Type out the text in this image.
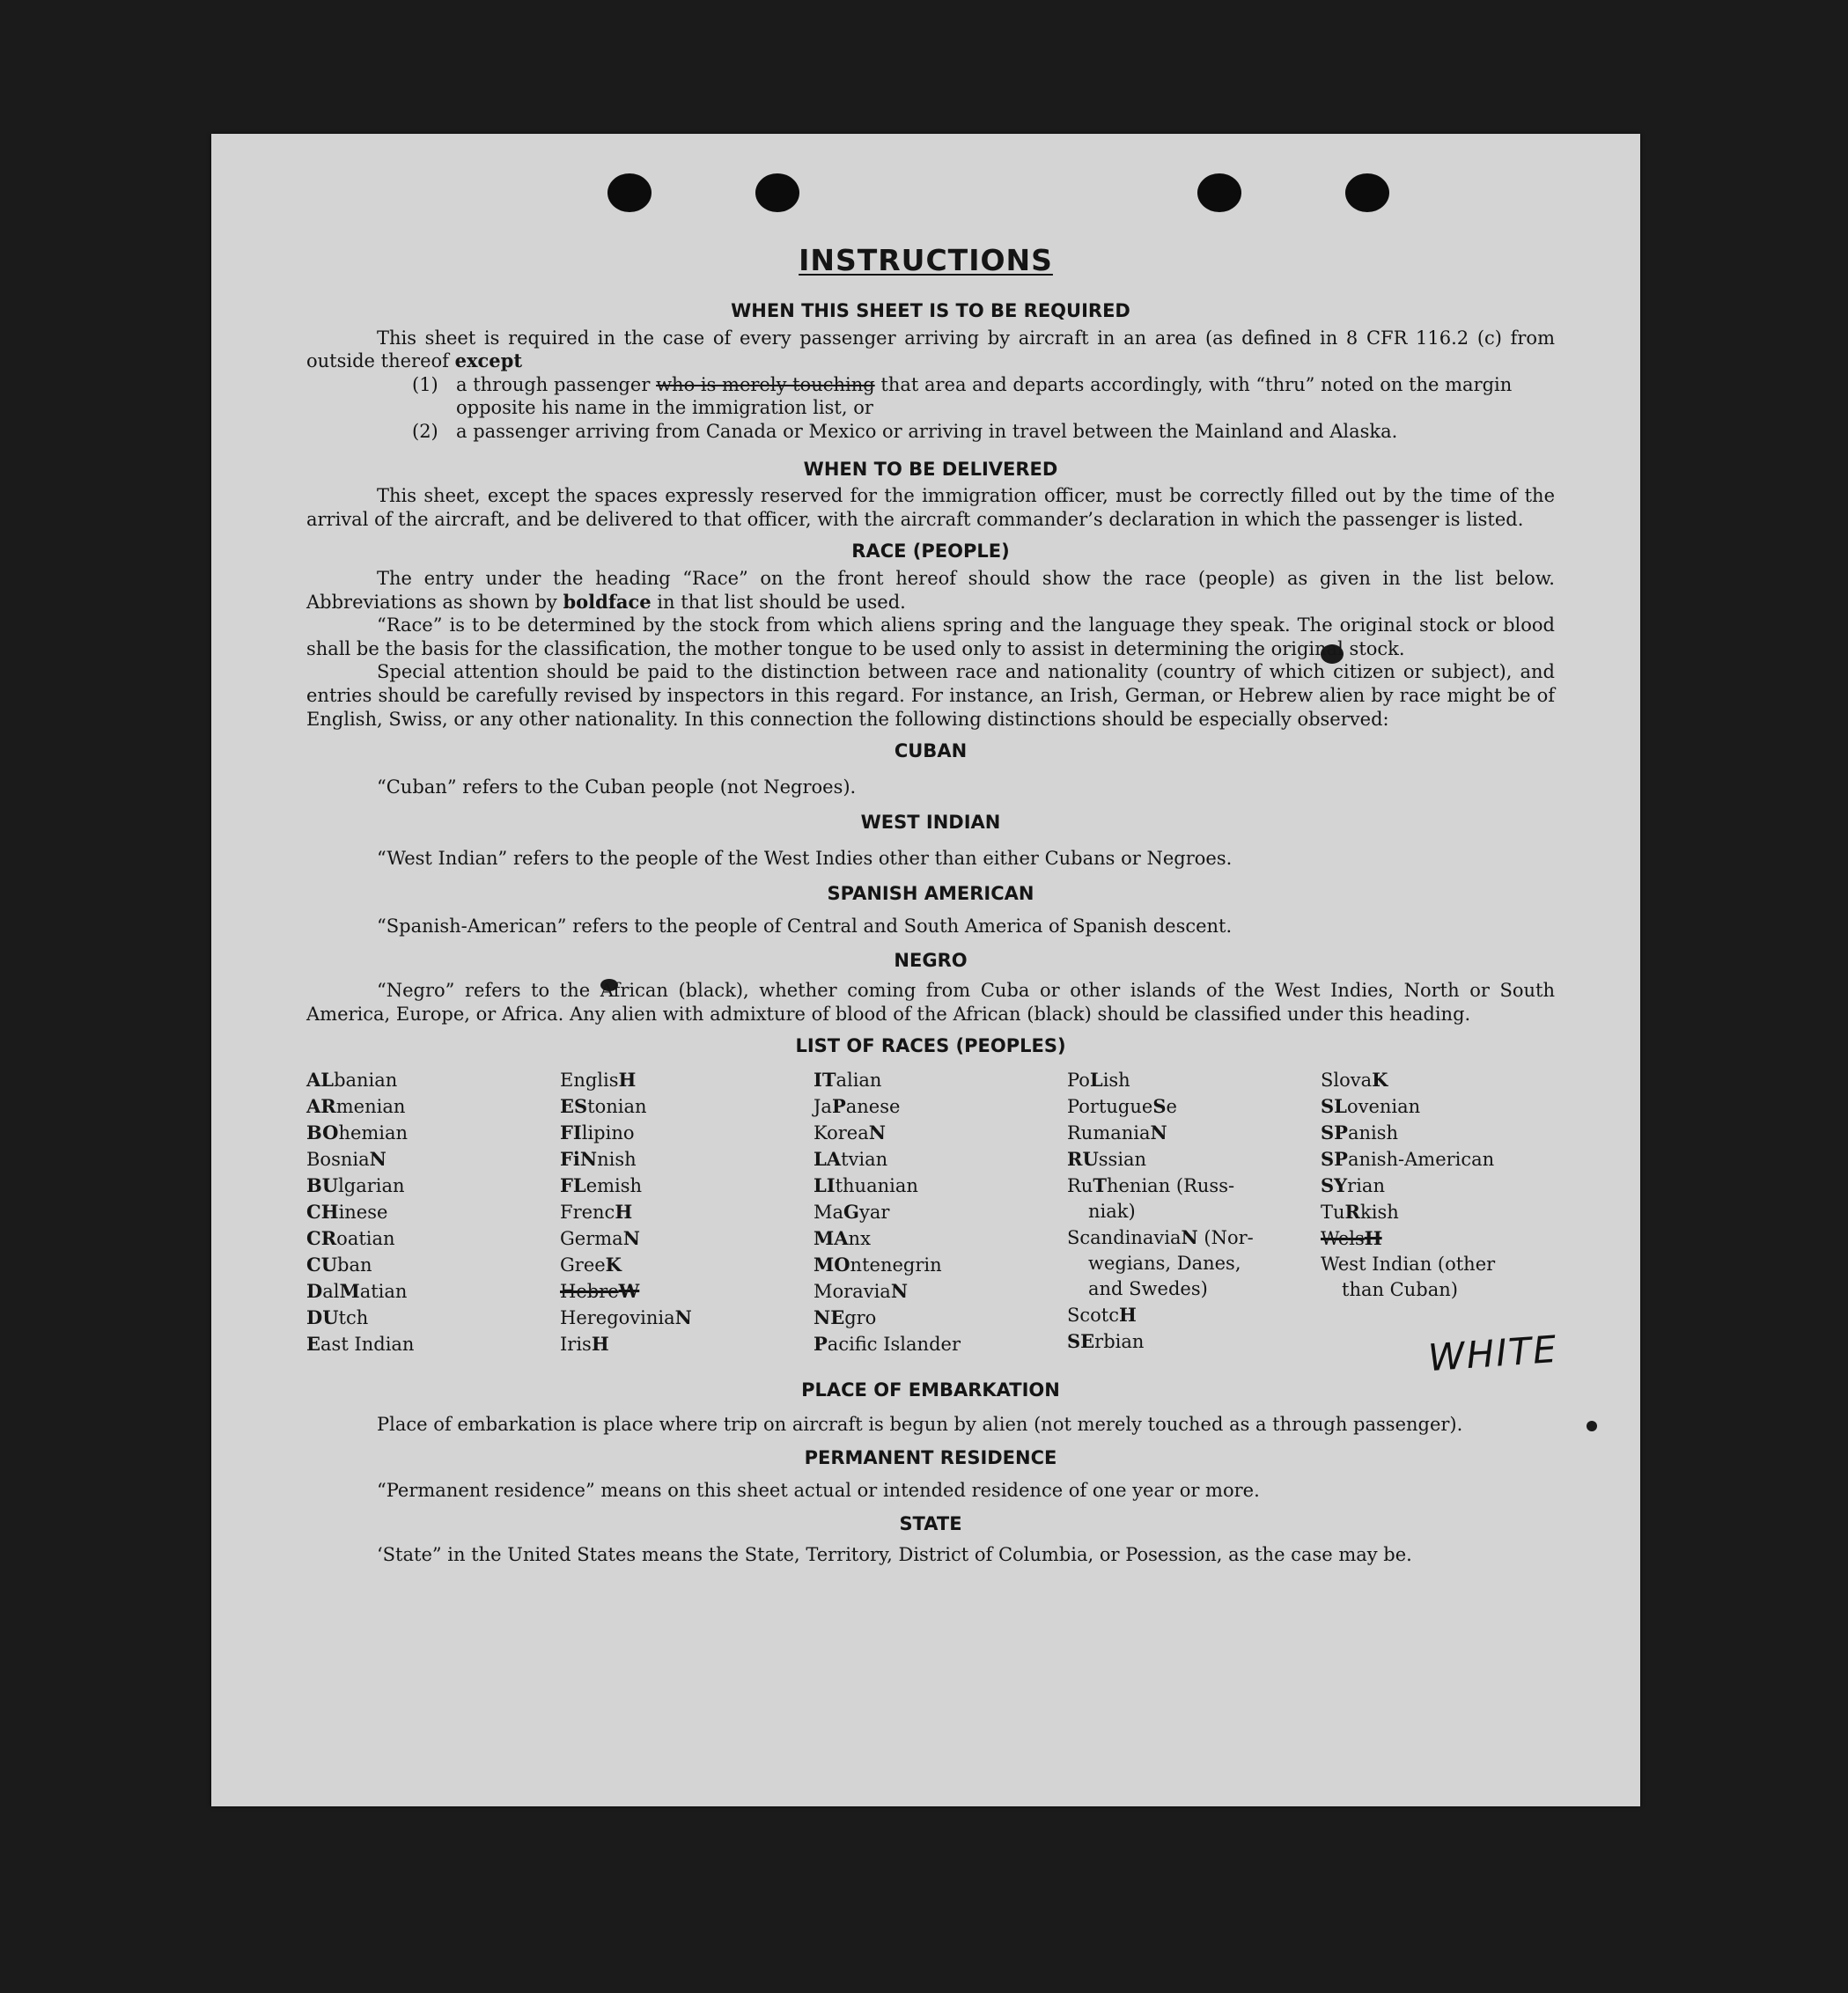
INSTRUCTIONS
WHEN THIS SHEET IS TO BE REQUIRED

This sheet is required in the case of every passenger arriving by aircraft in an area (as defined in 8 CFR 116.2 (c) from outside thereof except

(1) a through passenger who is merely touching that area and departs accordingly, with “thru” noted on the margin opposite his name in the immigration list, or

(2) a passenger arriving from Canada or Mexico or arriving in travel between the Mainland and Alaska.

WHEN TO BE DELIVERED

This sheet, except the spaces expressly reserved for the immigration officer, must be correctly filled out by the time of the arrival of the aircraft, and be delivered to that officer, with the aircraft commander’s declaration in which the passenger is listed.

RACE (PEOPLE)

The entry under the heading “Race” on the front hereof should show the race (people) as given in the list below. Abbreviations as shown by boldface in that list should be used.

“Race” is to be determined by the stock from which aliens spring and the language they speak. The original stock or blood shall be the basis for the classification, the mother tongue to be used only to assist in determining the original stock.

Special attention should be paid to the distinction between race and nationality (country of which citizen or subject), and entries should be carefully revised by inspectors in this regard. For instance, an Irish, German, or Hebrew alien by race might be of English, Swiss, or any other nationality. In this connection the following distinctions should be especially observed:

CUBAN

“Cuban” refers to the Cuban people (not Negroes).

WEST INDIAN

“West Indian” refers to the people of the West Indies other than either Cubans or Negroes.

SPANISH AMERICAN

“Spanish-American” refers to the people of Central and South America of Spanish descent.

NEGRO

“Negro” refers to the African (black), whether coming from Cuba or other islands of the West Indies, North or South America, Europe, or Africa. Any alien with admixture of blood of the African (black) should be classified under this heading.

LIST OF RACES (PEOPLES)
ALbanian
ARmenian
BOhemian
BosniaN
BUlgarian
CHinese
CRoatian
CUban
DalMatian
DUtch
East Indian
EnglisH
EStonian
FIlipino
FiNnish
FLemish
FrencH
GermaN
GreeK
HebreW
HeregoviniaN
IrisH
ITalian
JaPanese
KoreaN
LAtvian
LIthuanian
MaGyar
MAnx
MOntenegrin
MoraviaN
NEgro
Pacific Islander
PoLish
PortugueSe
RumaniaN
RUssian
RuThenian (Russ-
niak)
ScandinaviaN (Nor-
wegians, Danes,
and Swedes)
ScotcH
SErbian
SlovaK
SLovenian
SPanish
SPanish-American
SYrian
TuRkish
WelsH
West Indian (other
than Cuban)
PLACE OF EMBARKATION

Place of embarkation is place where trip on aircraft is begun by alien (not merely touched as a through passenger).

PERMANENT RESIDENCE

“Permanent residence” means on this sheet actual or intended residence of one year or more.

STATE

‘State” in the United States means the State, Territory, District of Columbia, or Posession, as the case may be.

WHITE
